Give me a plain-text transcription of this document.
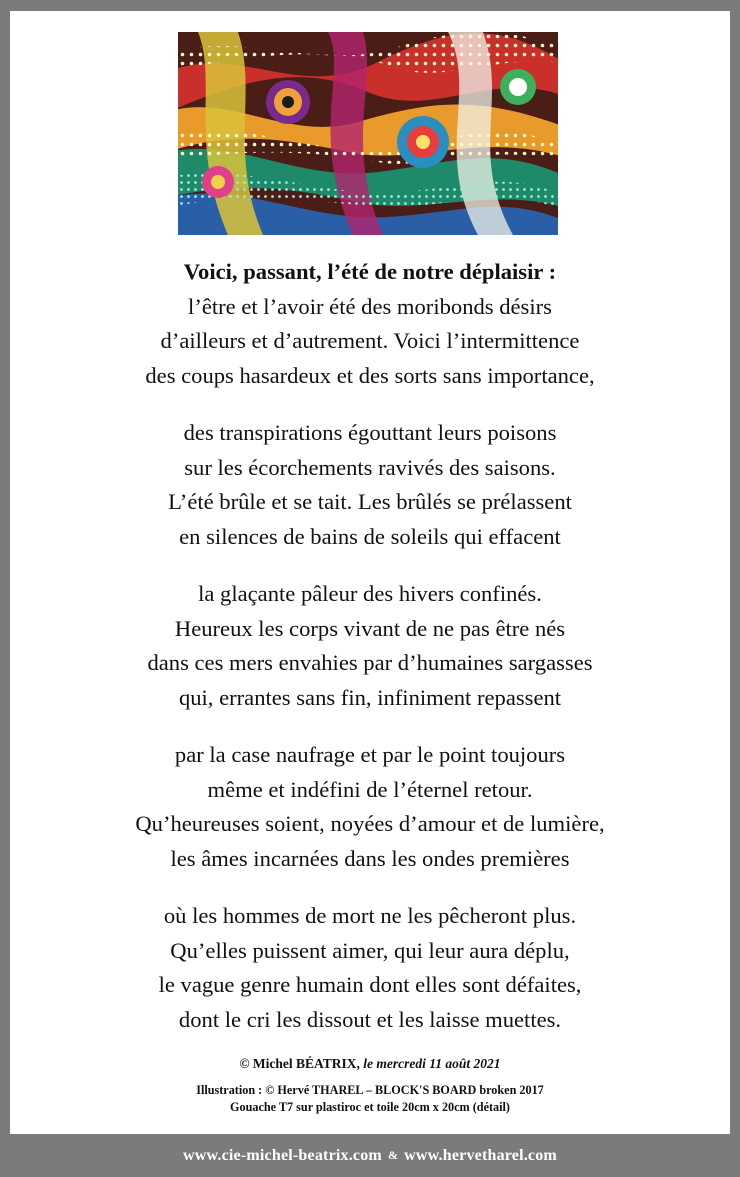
Voici, passant, l’été de notre déplaisir :
l’être et l’avoir été des moribonds désirs
d’ailleurs et d’autrement. Voici l’intermittence
des coups hasardeux et des sorts sans importance,
des transpirations égouttant leurs poisons
sur les écorchements ravivés des saisons.
L’été brûle et se tait. Les brûlés se prélassent
en silences de bains de soleils qui effacent
la glaçante pâleur des hivers confinés.
Heureux les corps vivant de ne pas être nés
dans ces mers envahies par d’humaines sargasses
qui, errantes sans fin, infiniment repassent
par la case naufrage et par le point toujours
même et indéfini de l’éternel retour.
Qu’heureuses soient, noyées d’amour et de lumière,
les âmes incarnées dans les ondes premières
où les hommes de mort ne les pêcheront plus.
Qu’elles puissent aimer, qui leur aura déplu,
le vague genre humain dont elles sont défaites,
dont le cri les dissout et les laisse muettes.
© Michel BÉATRIX, le mercredi 11 août 2021
Illustration : © Hervé THAREL – BLOCK'S BOARD broken 2017
Gouache T7 sur plastiroc et toile 20cm x 20cm (détail)
www.cie-michel-beatrix.com & www.hervetharel.com
